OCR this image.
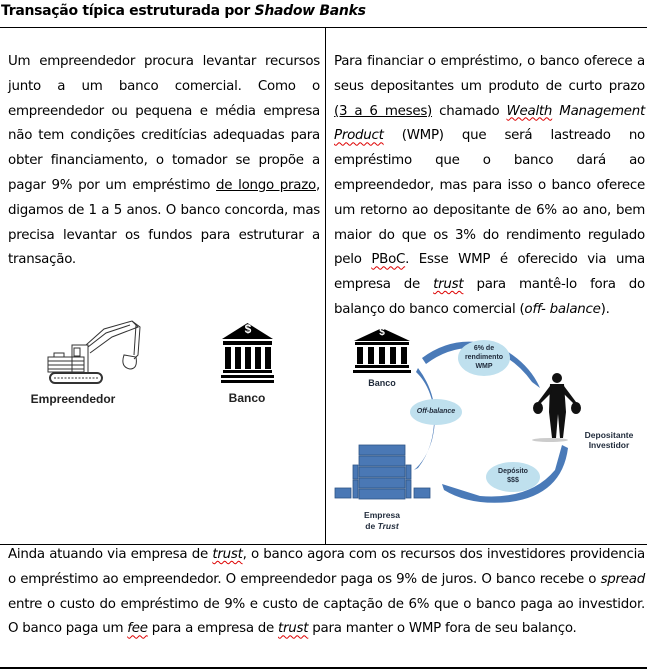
Transação típica estruturada por Shadow Banks
Um empreendedor procura levantar recursos junto a um banco comercial. Como o empreendedor ou pequena e média empresa não tem condições creditícias adequadas para obter financiamento, o tomador se propõe a pagar 9% por um empréstimo de longo prazo, digamos de 1 a 5 anos. O banco concorda, mas precisa levantar os fundos para estruturar a transação.
Para financiar o empréstimo, o banco oferece a seus depositantes um produto de curto prazo (3 a 6 meses) chamado Wealth Management Product (WMP) que será lastreado no empréstimo que o banco dará ao empreendedor, mas para isso o banco oferece um retorno ao depositante de 6% ao ano, bem maior do que os 3% do rendimento regulado pelo PBoC. Esse WMP é oferecido via uma empresa de trust para mantê-lo fora do balanço do banco comercial (off- balance).
Empreendedor
$
Banco
$
Banco
6% de
rendimento
WMP
Off-balance
Depósito
$$$
Depositante
Investidor
Empresa
de Trust
Ainda atuando via empresa de trust, o banco agora com os recursos dos investidores providencia o empréstimo ao empreendedor. O empreendedor paga os 9% de juros. O banco recebe o spread entre o custo do empréstimo de 9% e custo de captação de 6% que o banco paga ao investidor. O banco paga um fee para a empresa de trust para manter o WMP fora de seu balanço.
